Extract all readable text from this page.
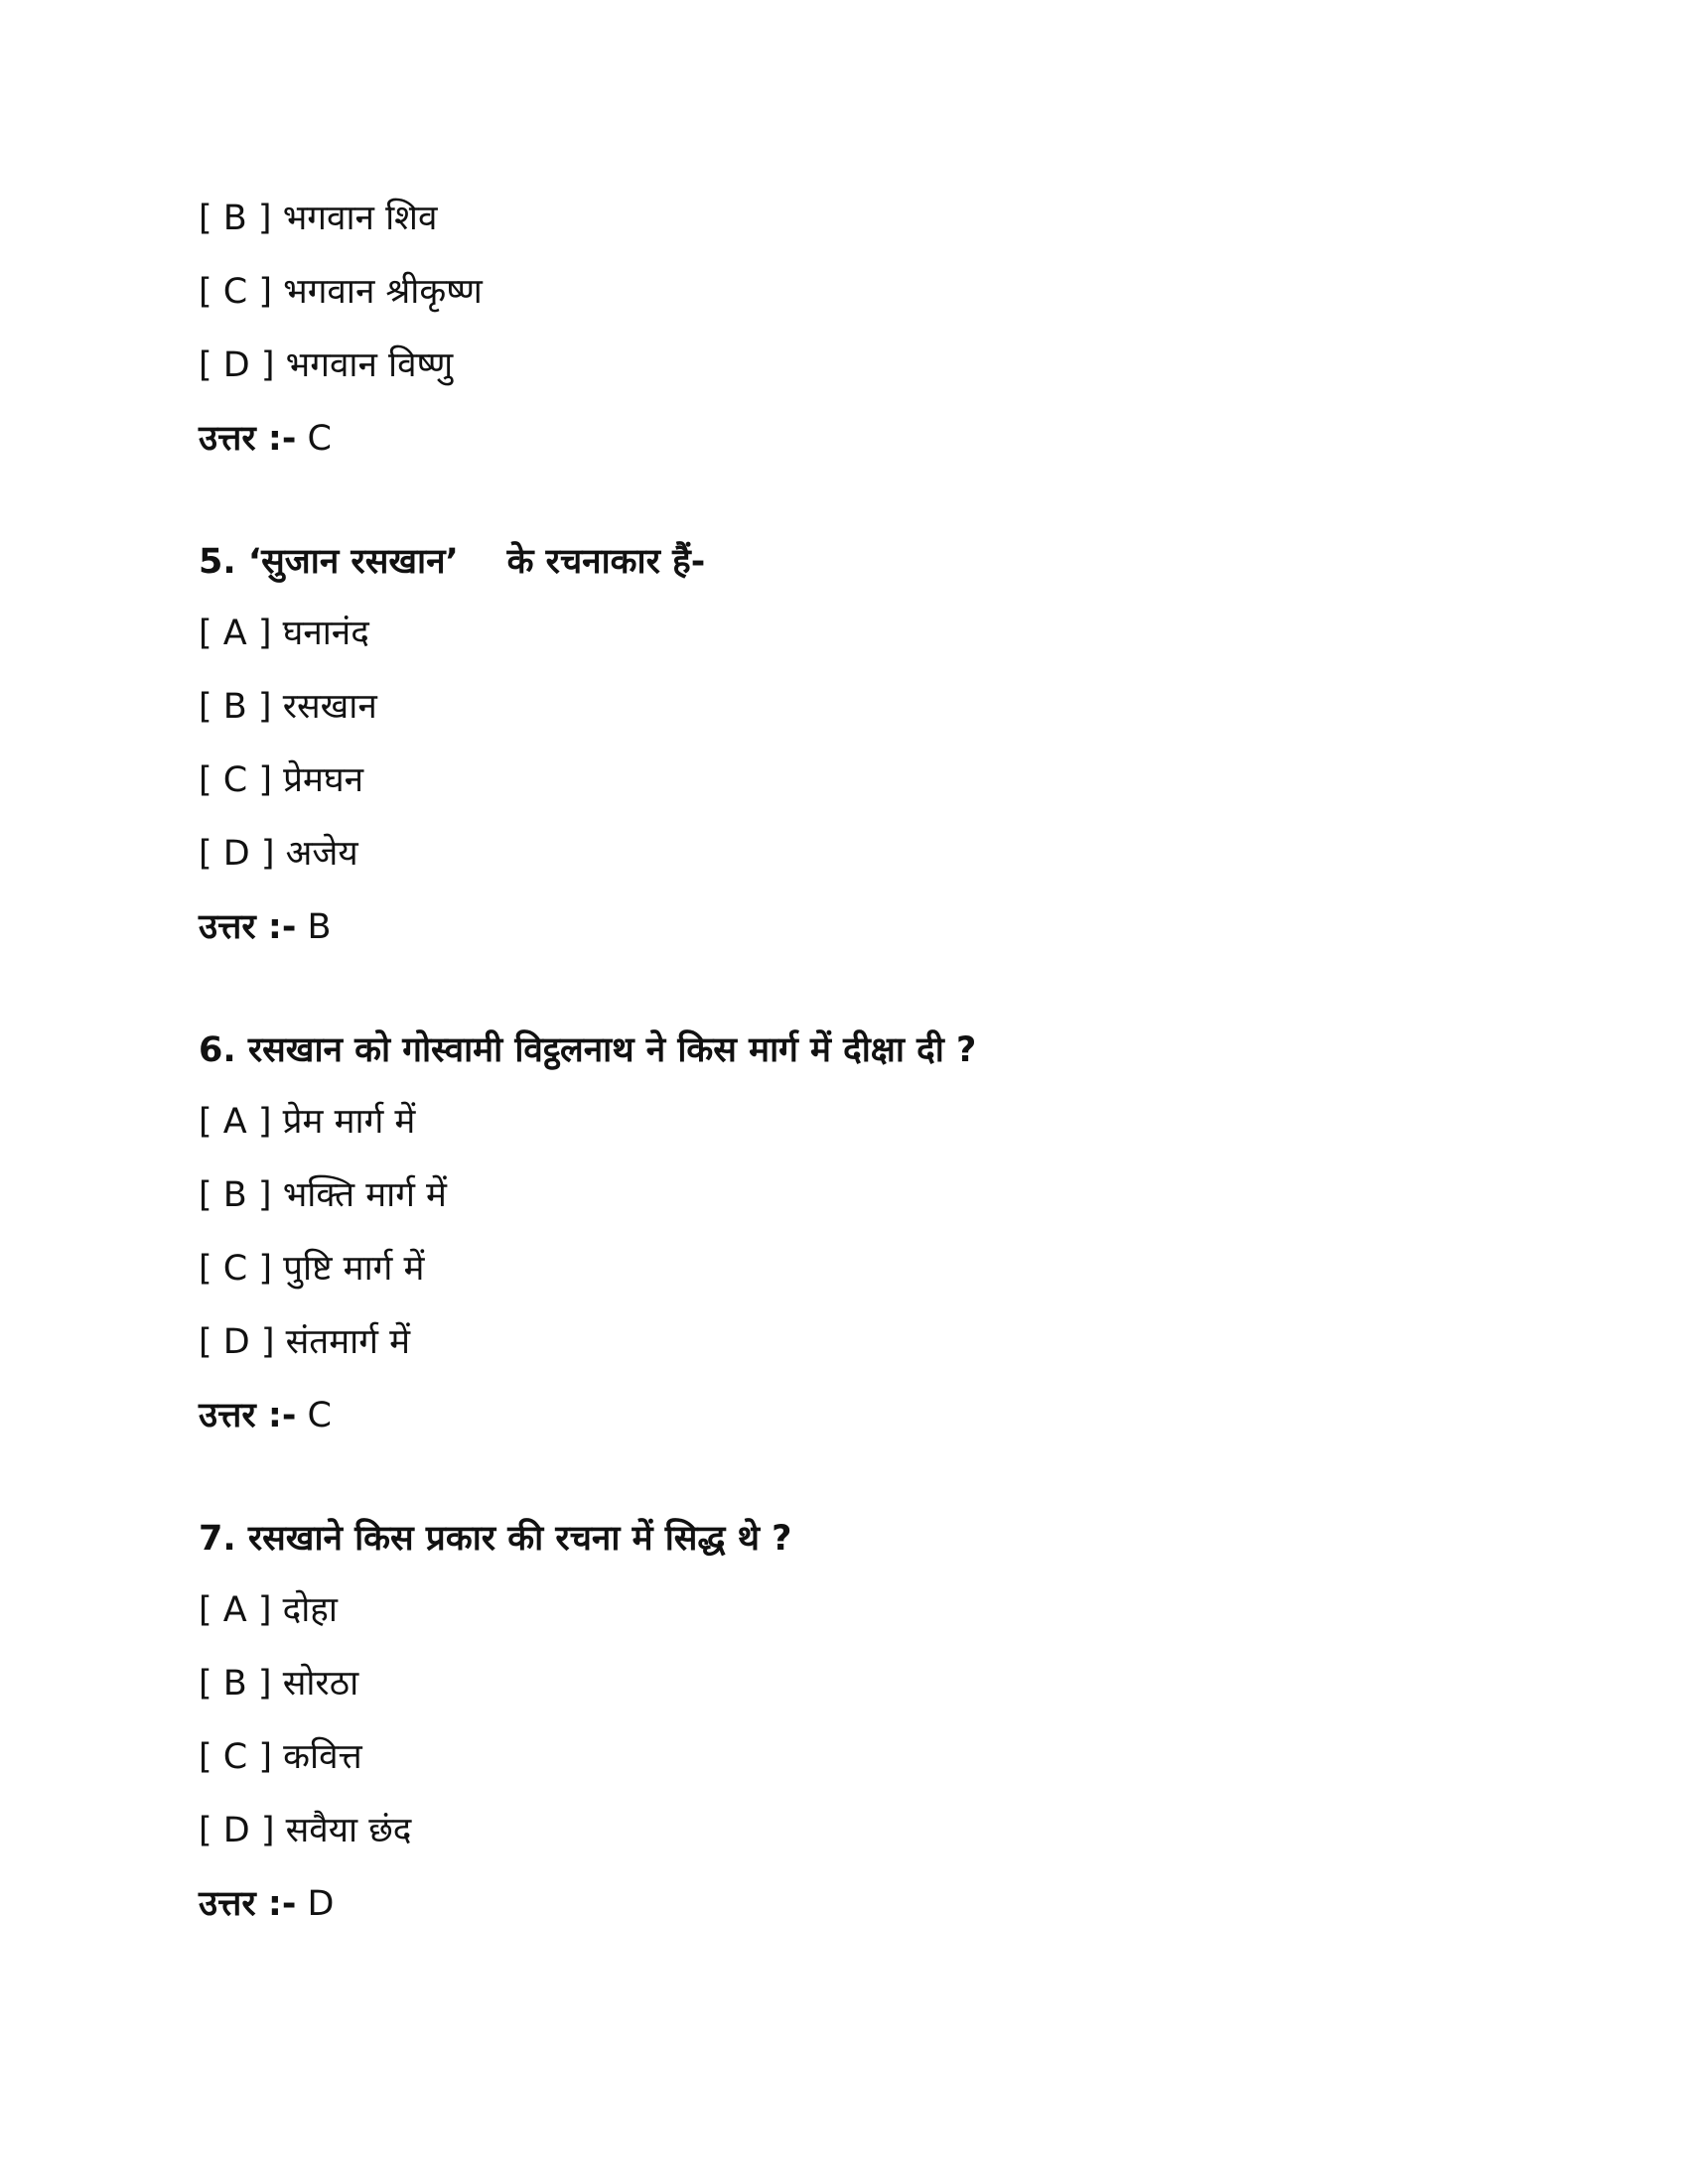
[ B ] भगवान शिव
[ C ] भगवान श्रीकृष्ण
[ D ] भगवान विष्णु
उत्तर :- C
5. ‘सुजान रसखान’    के रचनाकार हैं-
[ A ] घनानंद
[ B ] रसखान
[ C ] प्रेमघन
[ D ] अजेय
उत्तर :- B
6. रसखान को गोस्वामी विट्ठलनाथ ने किस मार्ग में दीक्षा दी ?
[ A ] प्रेम मार्ग में
[ B ] भक्ति मार्ग में
[ C ] पुष्टि मार्ग में
[ D ] संतमार्ग में
उत्तर :- C
7. रसखाने किस प्रकार की रचना में सिद्ध थे ?
[ A ] दोहा
[ B ] सोरठा
[ C ] कवित्त
[ D ] सवैया छंद
उत्तर :- D
